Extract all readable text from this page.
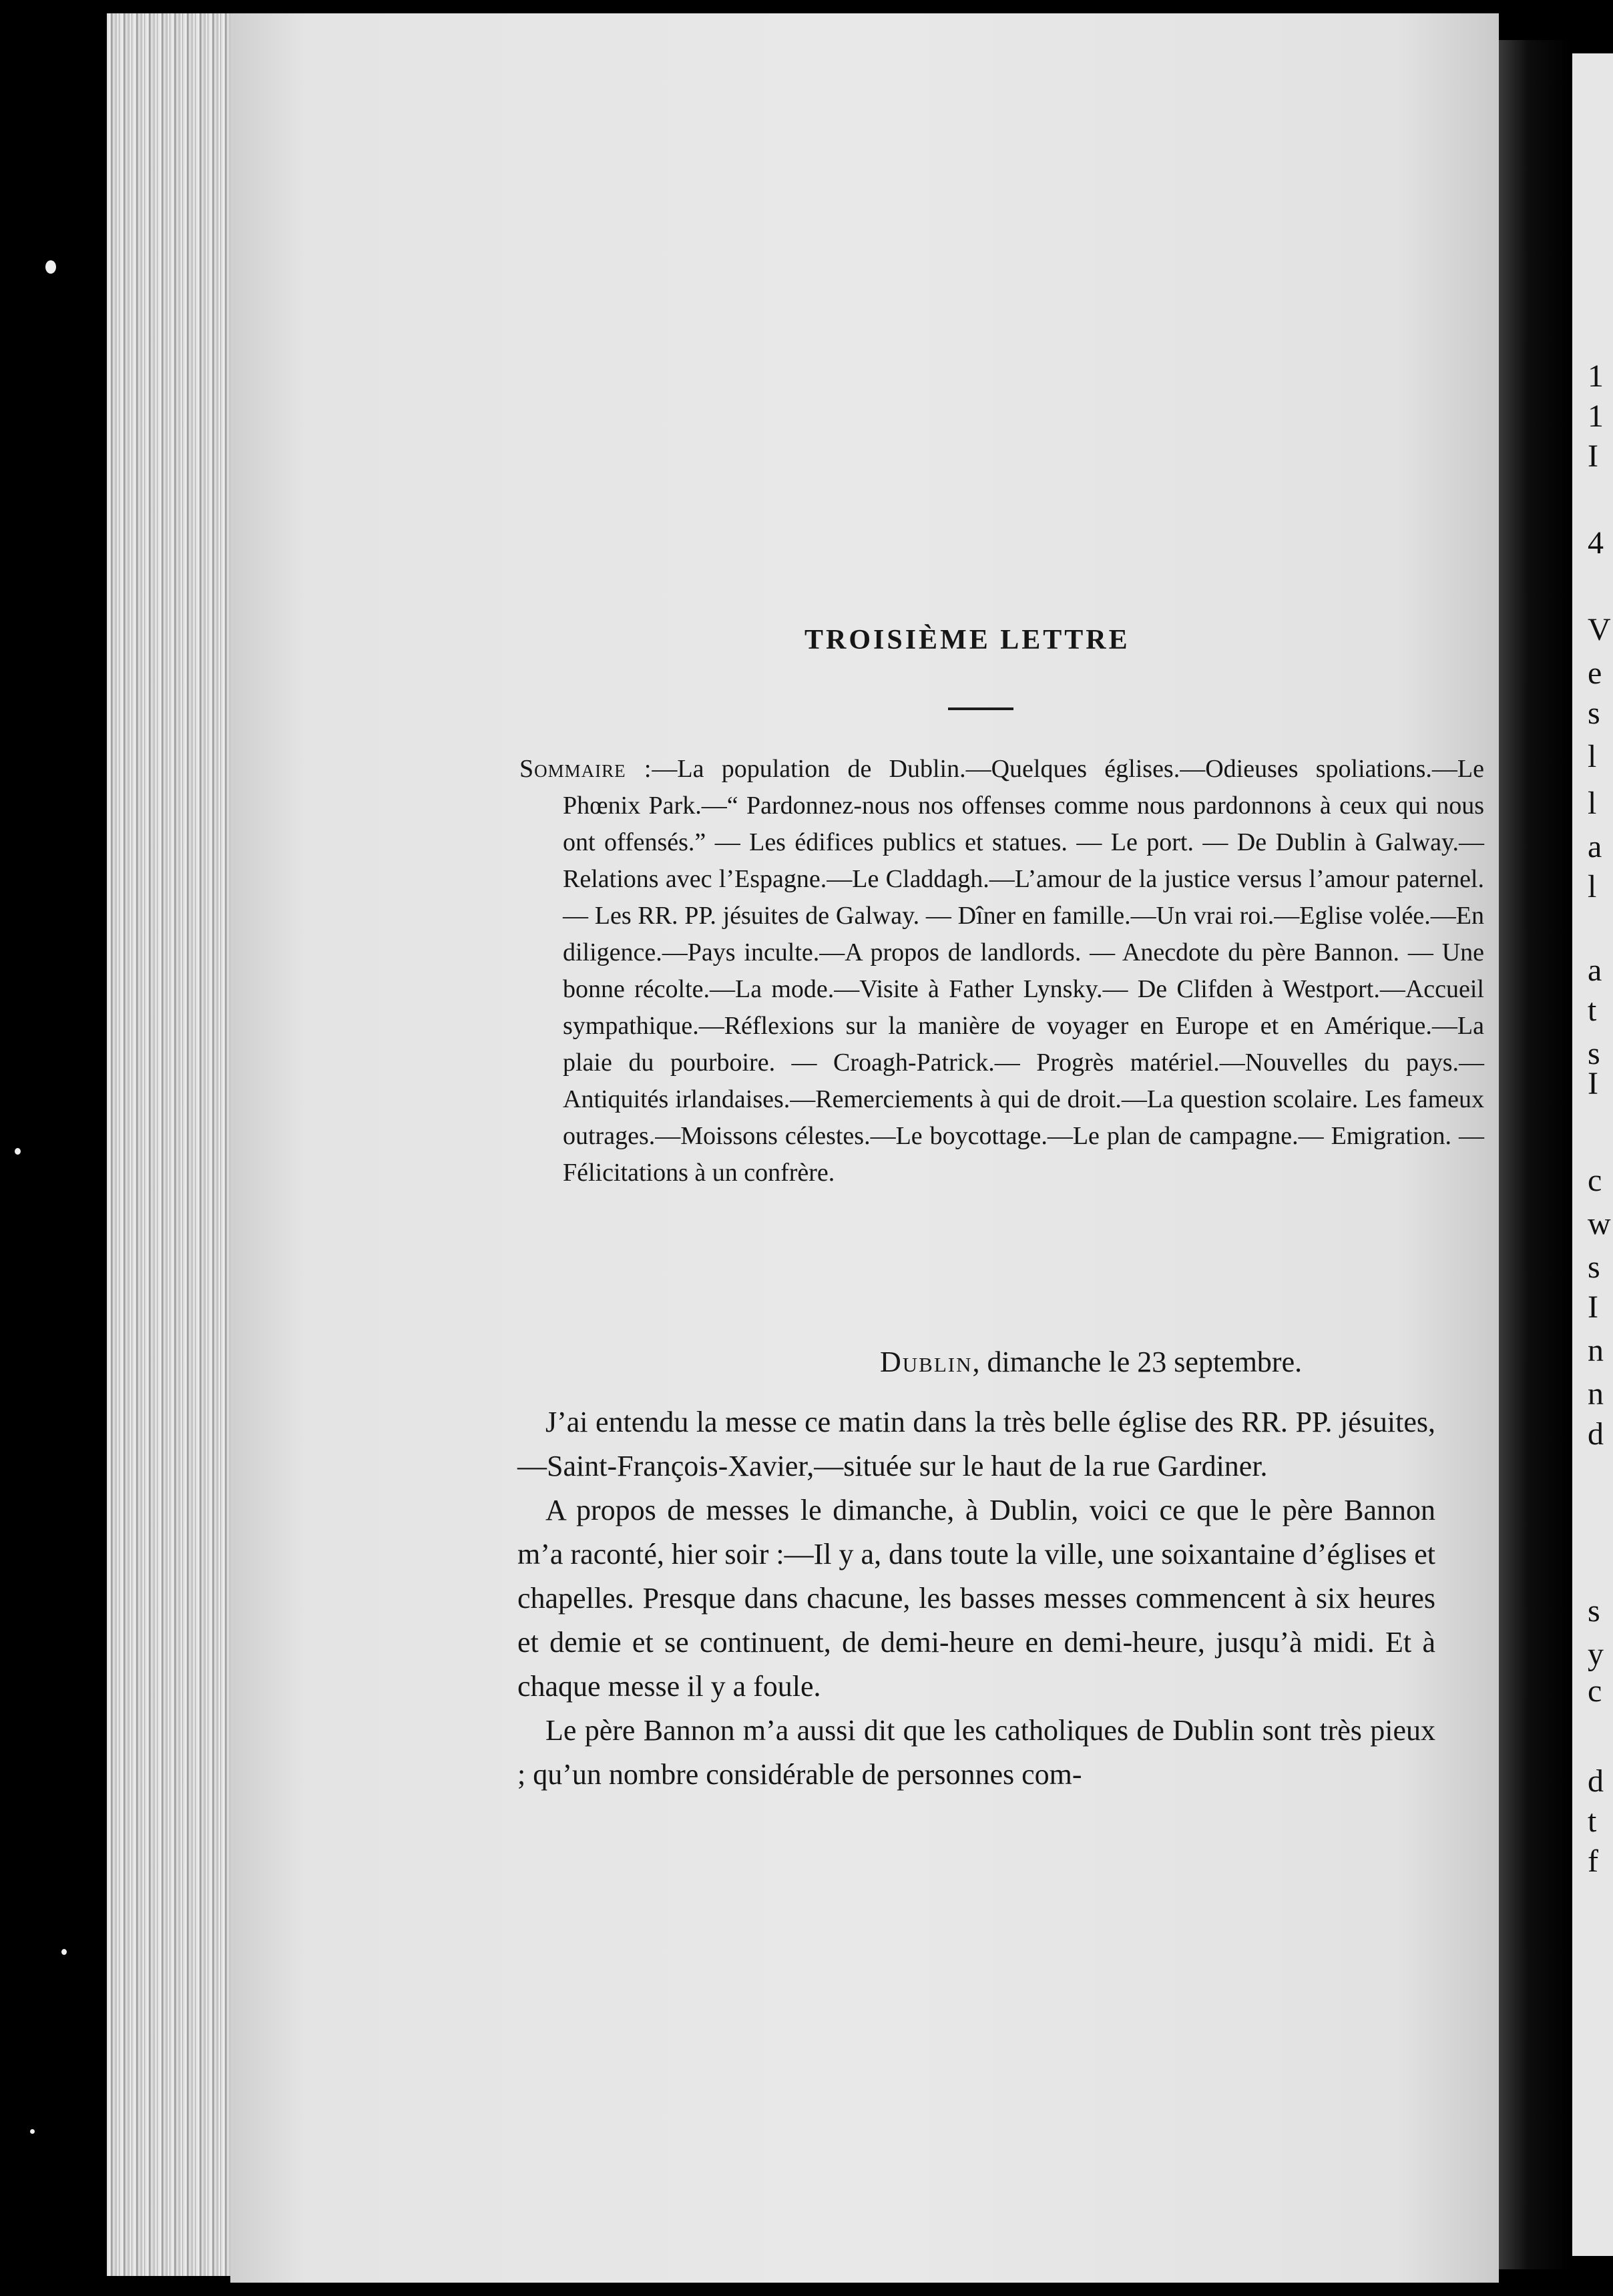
1
1
I
4
V
e
s
l
l
a
l
a
t
s
I
c
w
s
I
n
n
d
s
y
c
d
t
f
TROISIÈME LETTRE

Sommaire :—La population de Dublin.—Quelques églises.—Odieuses spoliations.—Le Phœnix Park.—“ Pardonnez-nous nos offenses comme nous pardonnons à ceux qui nous ont offensés.” — Les édifices publics et statues. — Le port. — De Dublin à Galway.—Relations avec l’Espagne.—Le Claddagh.—L’amour de la justice versus l’amour paternel.— Les RR. PP. jésuites de Galway. — Dîner en famille.—Un vrai roi.—Eglise volée.—En diligence.—Pays inculte.—A propos de landlords. — Anecdote du père Bannon. — Une bonne récolte.—La mode.—Visite à Father Lynsky.— De Clifden à Westport.—Accueil sympathique.—Réflexions sur la manière de voyager en Europe et en Amérique.—La plaie du pourboire. — Croagh-Patrick.— Progrès matériel.—Nouvelles du pays.—Antiquités irlandaises.—Remerciements à qui de droit.—La question scolaire. Les fameux outrages.—Moissons célestes.—Le boycottage.—Le plan de campagne.— Emigration. —Félicitations à un confrère.

Dublin, dimanche le 23 septembre.

J’ai entendu la messe ce matin dans la très belle église des RR. PP. jésuites,—Saint-François-Xavier,—située sur le haut de la rue Gardiner.

A propos de messes le dimanche, à Dublin, voici ce que le père Bannon m’a raconté, hier soir :—Il y a, dans toute la ville, une soixantaine d’églises et chapelles. Presque dans chacune, les basses messes commencent à six heures et demie et se continuent, de demi-heure en demi-heure, jusqu’à midi. Et à chaque messe il y a foule.

Le père Bannon m’a aussi dit que les catholiques de Dublin sont très pieux ; qu’un nombre considérable de personnes com-
